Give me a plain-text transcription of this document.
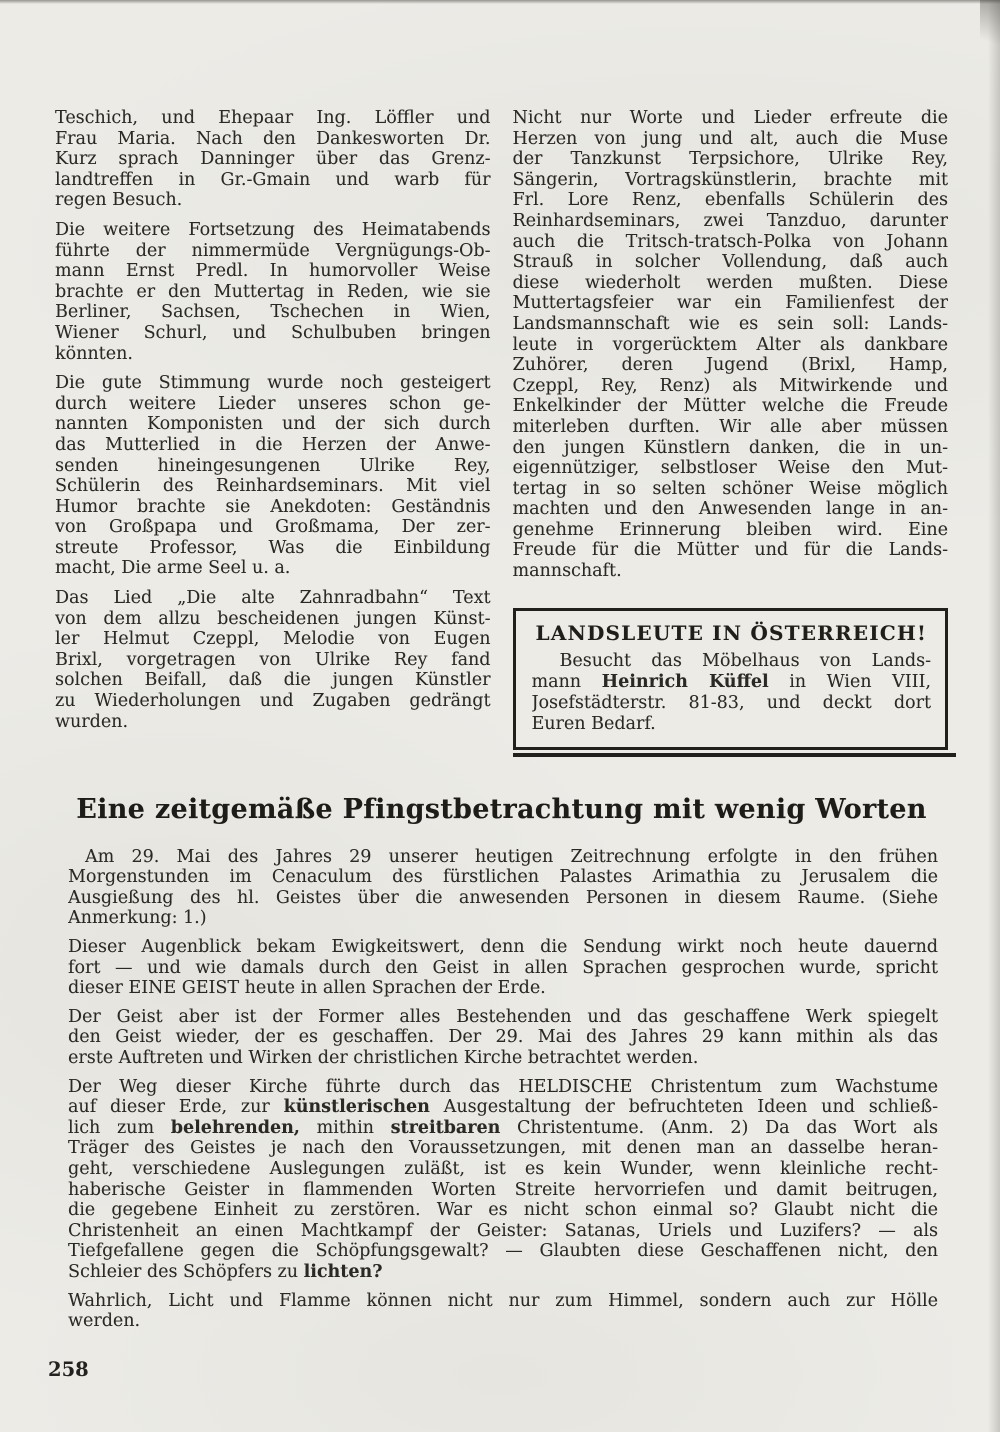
Teschich, und Ehepaar Ing. Löffler und
Frau Maria. Nach den Dankesworten Dr.
Kurz sprach Danninger über das Grenz-
landtreffen in Gr.-Gmain und warb für
regen Besuch.
Die weitere Fortsetzung des Heimatabends
führte der nimmermüde Vergnügungs-Ob-
mann Ernst Predl. In humorvoller Weise
brachte er den Muttertag in Reden, wie sie
Berliner, Sachsen, Tschechen in Wien,
Wiener Schurl, und Schulbuben bringen
könnten.
Die gute Stimmung wurde noch gesteigert
durch weitere Lieder unseres schon ge-
nannten Komponisten und der sich durch
das Mutterlied in die Herzen der Anwe-
senden hineingesungenen Ulrike Rey,
Schülerin des Reinhardseminars. Mit viel
Humor brachte sie Anekdoten: Geständnis
von Großpapa und Großmama, Der zer-
streute Professor, Was die Einbildung
macht, Die arme Seel u. a.
Das Lied „Die alte Zahnradbahn“ Text
von dem allzu bescheidenen jungen Künst-
ler Helmut Czeppl, Melodie von Eugen
Brixl, vorgetragen von Ulrike Rey fand
solchen Beifall, daß die jungen Künstler
zu Wiederholungen und Zugaben gedrängt
wurden.
Nicht nur Worte und Lieder erfreute die
Herzen von jung und alt, auch die Muse
der Tanzkunst Terpsichore, Ulrike Rey,
Sängerin, Vortragskünstlerin, brachte mit
Frl. Lore Renz, ebenfalls Schülerin des
Reinhardseminars, zwei Tanzduo, darunter
auch die Tritsch-tratsch-Polka von Johann
Strauß in solcher Vollendung, daß auch
diese wiederholt werden mußten. Diese
Muttertagsfeier war ein Familienfest der
Landsmannschaft wie es sein soll: Lands-
leute in vorgerücktem Alter als dankbare
Zuhörer, deren Jugend (Brixl, Hamp,
Czeppl, Rey, Renz) als Mitwirkende und
Enkelkinder der Mütter welche die Freude
miterleben durften. Wir alle aber müssen
den jungen Künstlern danken, die in un-
eigennütziger, selbstloser Weise den Mut-
tertag in so selten schöner Weise möglich
machten und den Anwesenden lange in an-
genehme Erinnerung bleiben wird. Eine
Freude für die Mütter und für die Lands-
mannschaft.
LANDSLEUTE IN ÖSTERREICH!
Besucht das Möbelhaus von Lands-
mann Heinrich Küffel in Wien VIII,
Josefstädterstr. 81-83, und deckt dort
Euren Bedarf.
Eine zeitgemäße Pfingstbetrachtung mit wenig Worten
Am 29. Mai des Jahres 29 unserer heutigen Zeitrechnung erfolgte in den frühen
Morgenstunden im Cenaculum des fürstlichen Palastes Arimathia zu Jerusalem die
Ausgießung des hl. Geistes über die anwesenden Personen in diesem Raume. (Siehe
Anmerkung: 1.)
Dieser Augenblick bekam Ewigkeitswert, denn die Sendung wirkt noch heute dauernd
fort — und wie damals durch den Geist in allen Sprachen gesprochen wurde, spricht
dieser EINE GEIST heute in allen Sprachen der Erde.
Der Geist aber ist der Former alles Bestehenden und das geschaffene Werk spiegelt
den Geist wieder, der es geschaffen. Der 29. Mai des Jahres 29 kann mithin als das
erste Auftreten und Wirken der christlichen Kirche betrachtet werden.
Der Weg dieser Kirche führte durch das HELDISCHE Christentum zum Wachstume
auf dieser Erde, zur künstlerischen Ausgestaltung der befruchteten Ideen und schließ-
lich zum belehrenden, mithin streitbaren Christentume. (Anm. 2) Da das Wort als
Träger des Geistes je nach den Voraussetzungen, mit denen man an dasselbe heran-
geht, verschiedene Auslegungen zuläßt, ist es kein Wunder, wenn kleinliche recht-
haberische Geister in flammenden Worten Streite hervorriefen und damit beitrugen,
die gegebene Einheit zu zerstören. War es nicht schon einmal so? Glaubt nicht die
Christenheit an einen Machtkampf der Geister: Satanas, Uriels und Luzifers? — als
Tiefgefallene gegen die Schöpfungsgewalt? — Glaubten diese Geschaffenen nicht, den
Schleier des Schöpfers zu lichten?
Wahrlich, Licht und Flamme können nicht nur zum Himmel, sondern auch zur Hölle
werden.
258
